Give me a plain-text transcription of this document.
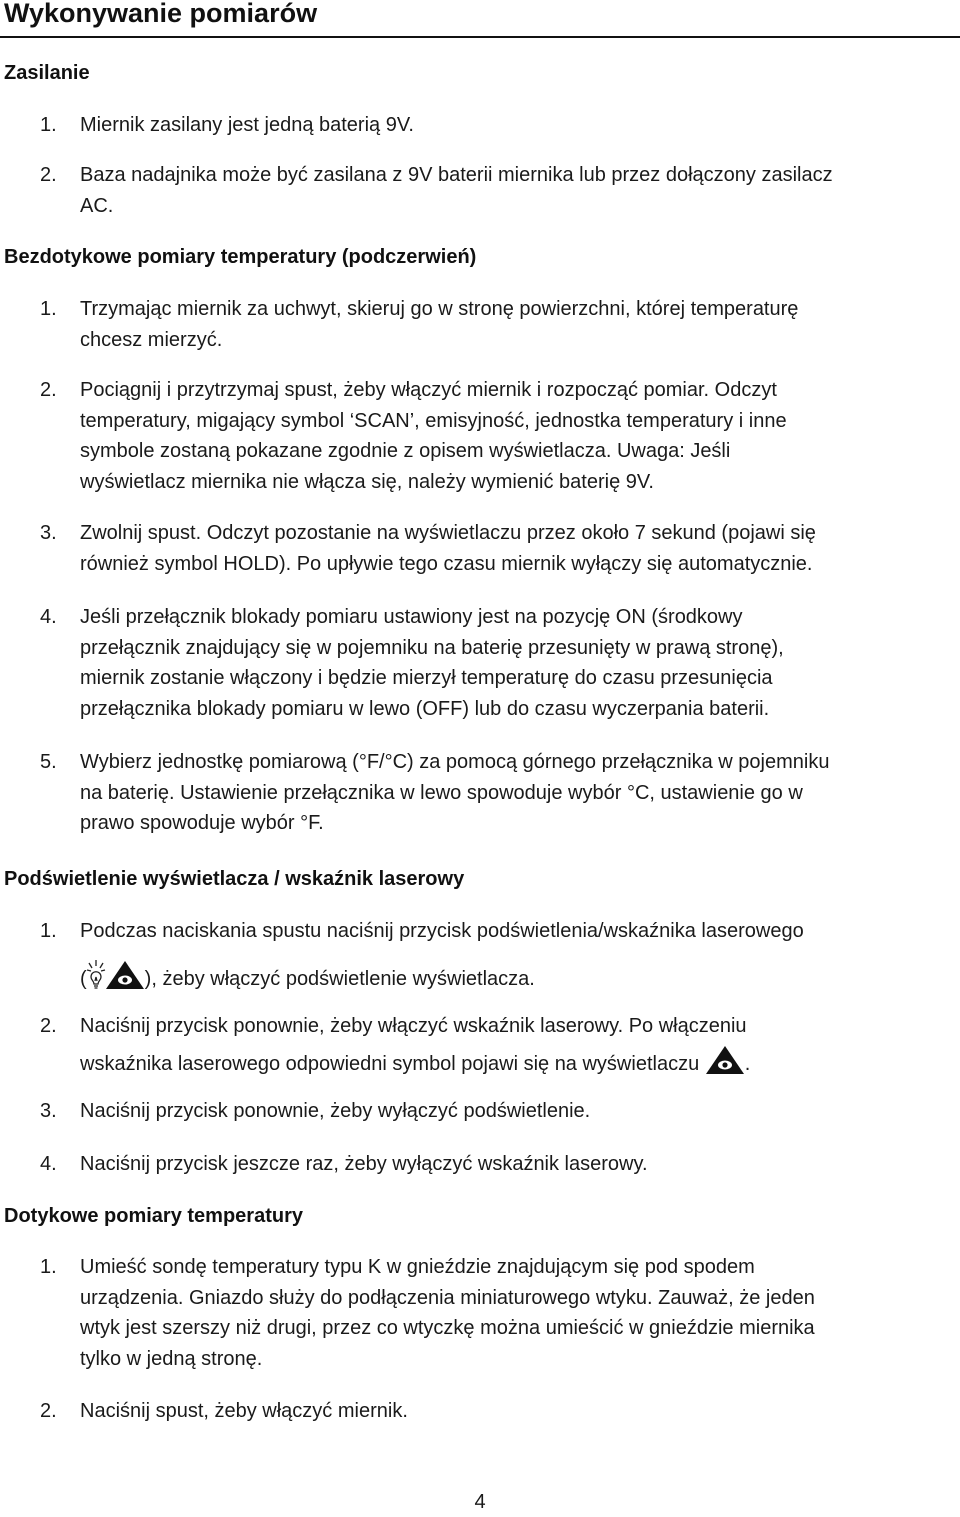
Wykonywanie pomiarów
Zasilanie
1. Miernik zasilany jest jedną baterią 9V.
2. Baza nadajnika może być zasilana z 9V baterii miernika lub przez dołączony zasilacz
AC.
Bezdotykowe pomiary temperatury (podczerwień)
1. Trzymając miernik za uchwyt, skieruj go w stronę powierzchni, której temperaturę
chcesz mierzyć.
2. Pociągnij i przytrzymaj spust, żeby włączyć miernik i rozpocząć pomiar. Odczyt
temperatury, migający symbol ‘SCAN’, emisyjność, jednostka temperatury i inne
symbole zostaną pokazane zgodnie z opisem wyświetlacza. Uwaga: Jeśli
wyświetlacz miernika nie włącza się, należy wymienić baterię 9V.
3. Zwolnij spust. Odczyt pozostanie na wyświetlaczu przez około 7 sekund (pojawi się
również symbol HOLD). Po upływie tego czasu miernik wyłączy się automatycznie.
4. Jeśli przełącznik blokady pomiaru ustawiony jest na pozycję ON (środkowy
przełącznik znajdujący się w pojemniku na baterię przesunięty w prawą stronę),
miernik zostanie włączony i będzie mierzył temperaturę do czasu przesunięcia
przełącznika blokady pomiaru w lewo (OFF) lub do czasu wyczerpania baterii.
5. Wybierz jednostkę pomiarową (°F/°C) za pomocą górnego przełącznika w pojemniku
na baterię. Ustawienie przełącznika w lewo spowoduje wybór °C, ustawienie go w
prawo spowoduje wybór °F.
Podświetlenie wyświetlacza / wskaźnik laserowy
1. Podczas naciskania spustu naciśnij przycisk podświetlenia/wskaźnika laserowego
(	), żeby włączyć podświetlenie wyświetlacza.
2. Naciśnij przycisk ponownie, żeby włączyć wskaźnik laserowy. Po włączeniu
wskaźnika laserowego odpowiedni symbol pojawi się na wyświetlaczu .
3. Naciśnij przycisk ponownie, żeby wyłączyć podświetlenie.
4. Naciśnij przycisk jeszcze raz, żeby wyłączyć wskaźnik laserowy.
Dotykowe pomiary temperatury
1. Umieść sondę temperatury typu K w gnieździe znajdującym się pod spodem
urządzenia. Gniazdo służy do podłączenia miniaturowego wtyku. Zauważ, że jeden
wtyk jest szerszy niż drugi, przez co wtyczkę można umieścić w gnieździe miernika
tylko w jedną stronę.
2. Naciśnij spust, żeby włączyć miernik.
4
